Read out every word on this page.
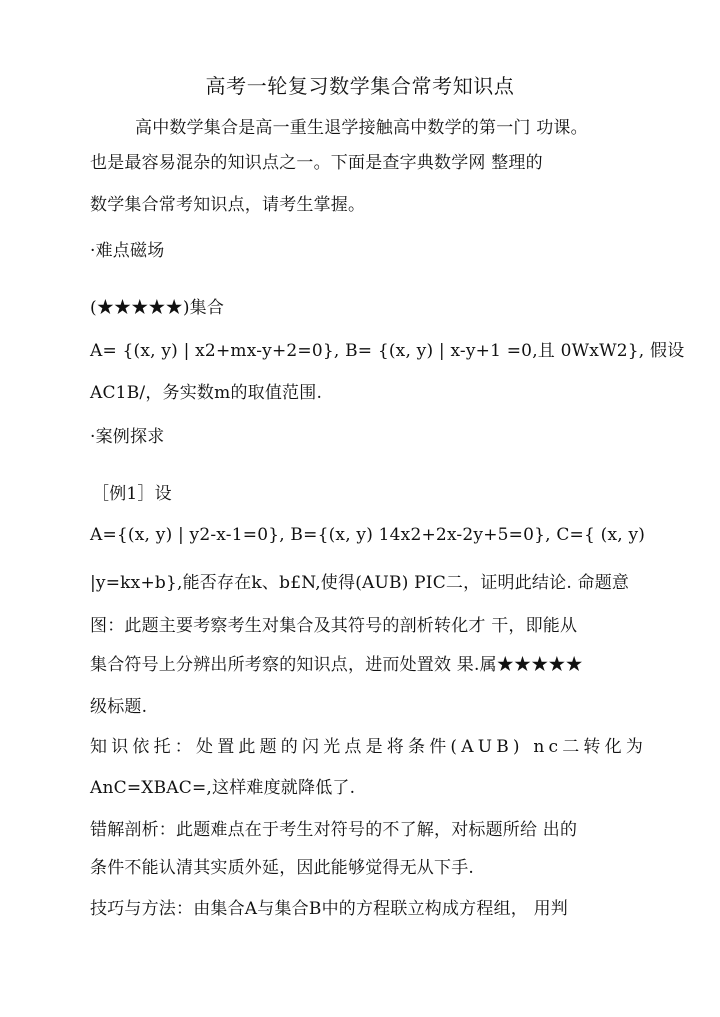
高考一轮复习数学集合常考知识点
高中数学集合是高一重生退学接触高中数学的第一门 功课。
也是最容易混杂的知识点之一。下面是查字典数学网 整理的
数学集合常考知识点，请考生掌握。
·难点磁场
(★★★★★)集合
A= {(x, y) | x2+mx-y+2=0}, B= {(x, y) | x-y+1 =0,且 0WxW2}, 假设
AC1B/，务实数m的取值范围.
·案例探求
［例1］设
A={(x, y) | y2-x-1=0}, B={(x, y) 14x2+2x-2y+5=0}, C={ (x, y)
|y=kx+b},能否存在k、b£N,使得(AUB) PIC二，证明此结论. 命题意
图：此题主要考察考生对集合及其符号的剖析转化才 干，即能从
集合符号上分辨出所考察的知识点，进而处置效 果.属★★★★★
级标题.
知识依托：处置此题的闪光点是将条件(AUB) nc二转化为
AnC=XBAC=,这样难度就降低了.
错解剖析：此题难点在于考生对符号的不了解，对标题所给 出的
条件不能认清其实质外延，因此能够觉得无从下手.
技巧与方法：由集合A与集合B中的方程联立构成方程组， 用判
